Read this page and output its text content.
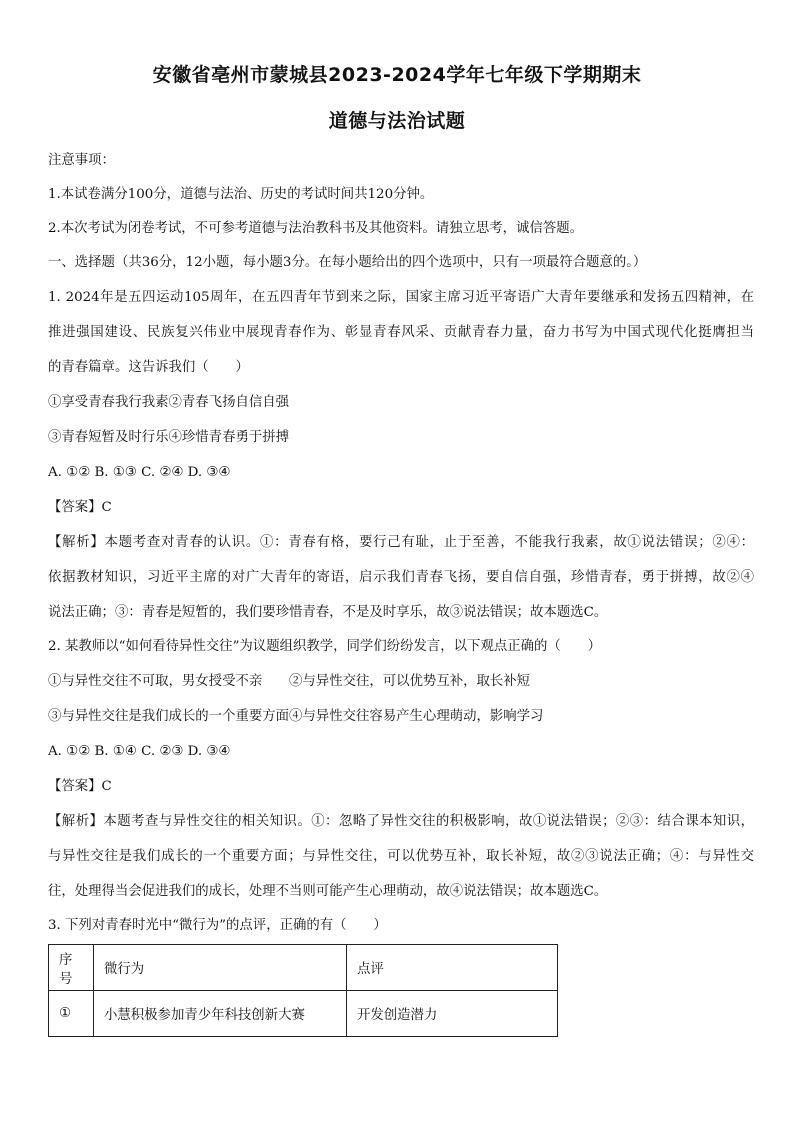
安徽省亳州市蒙城县2023-2024学年七年级下学期期末
道德与法治试题
注意事项：
1.本试卷满分100分，道德与法治、历史的考试时间共120分钟。
2.本次考试为闭卷考试，不可参考道德与法治教科书及其他资料。请独立思考，诚信答题。
一、选择题（共36分，12小题，每小题3分。在每小题给出的四个选项中，只有一项最符合题意的。）
1. 2024年是五四运动105周年，在五四青年节到来之际，国家主席习近平寄语广大青年要继承和发扬五四精神，在
推进强国建设、民族复兴伟业中展现青春作为、彰显青春风采、贡献青春力量，奋力书写为中国式现代化挺膺担当
的青春篇章。这告诉我们（　　）
①享受青春我行我素②青春飞扬自信自强
③青春短暂及时行乐④珍惜青春勇于拼搏
A. ①② B. ①③ C. ②④ D. ③④
【答案】C
【解析】本题考查对青春的认识。①：青春有格，要行己有耻，止于至善，不能我行我素，故①说法错误；②④：
依据教材知识，习近平主席的对广大青年的寄语，启示我们青春飞扬，要自信自强，珍惜青春，勇于拼搏，故②④
说法正确；③：青春是短暂的，我们要珍惜青春，不是及时享乐，故③说法错误；故本题选C。
2. 某教师以“如何看待异性交往”为议题组织教学，同学们纷纷发言，以下观点正确的（　　）
①与异性交往不可取，男女授受不亲　　②与异性交往，可以优势互补，取长补短
③与异性交往是我们成长的一个重要方面④与异性交往容易产生心理萌动，影响学习
A. ①② B. ①④ C. ②③ D. ③④
【答案】C
【解析】本题考查与异性交往的相关知识。①：忽略了异性交往的积极影响，故①说法错误；②③：结合课本知识，
与异性交往是我们成长的一个重要方面；与异性交往，可以优势互补，取长补短，故②③说法正确；④：与异性交
往，处理得当会促进我们的成长，处理不当则可能产生心理萌动，故④说法错误；故本题选C。
3. 下列对青春时光中“微行为”的点评，正确的有（　　）
序号	微行为	点评
①	小慧积极参加青少年科技创新大赛	开发创造潜力
